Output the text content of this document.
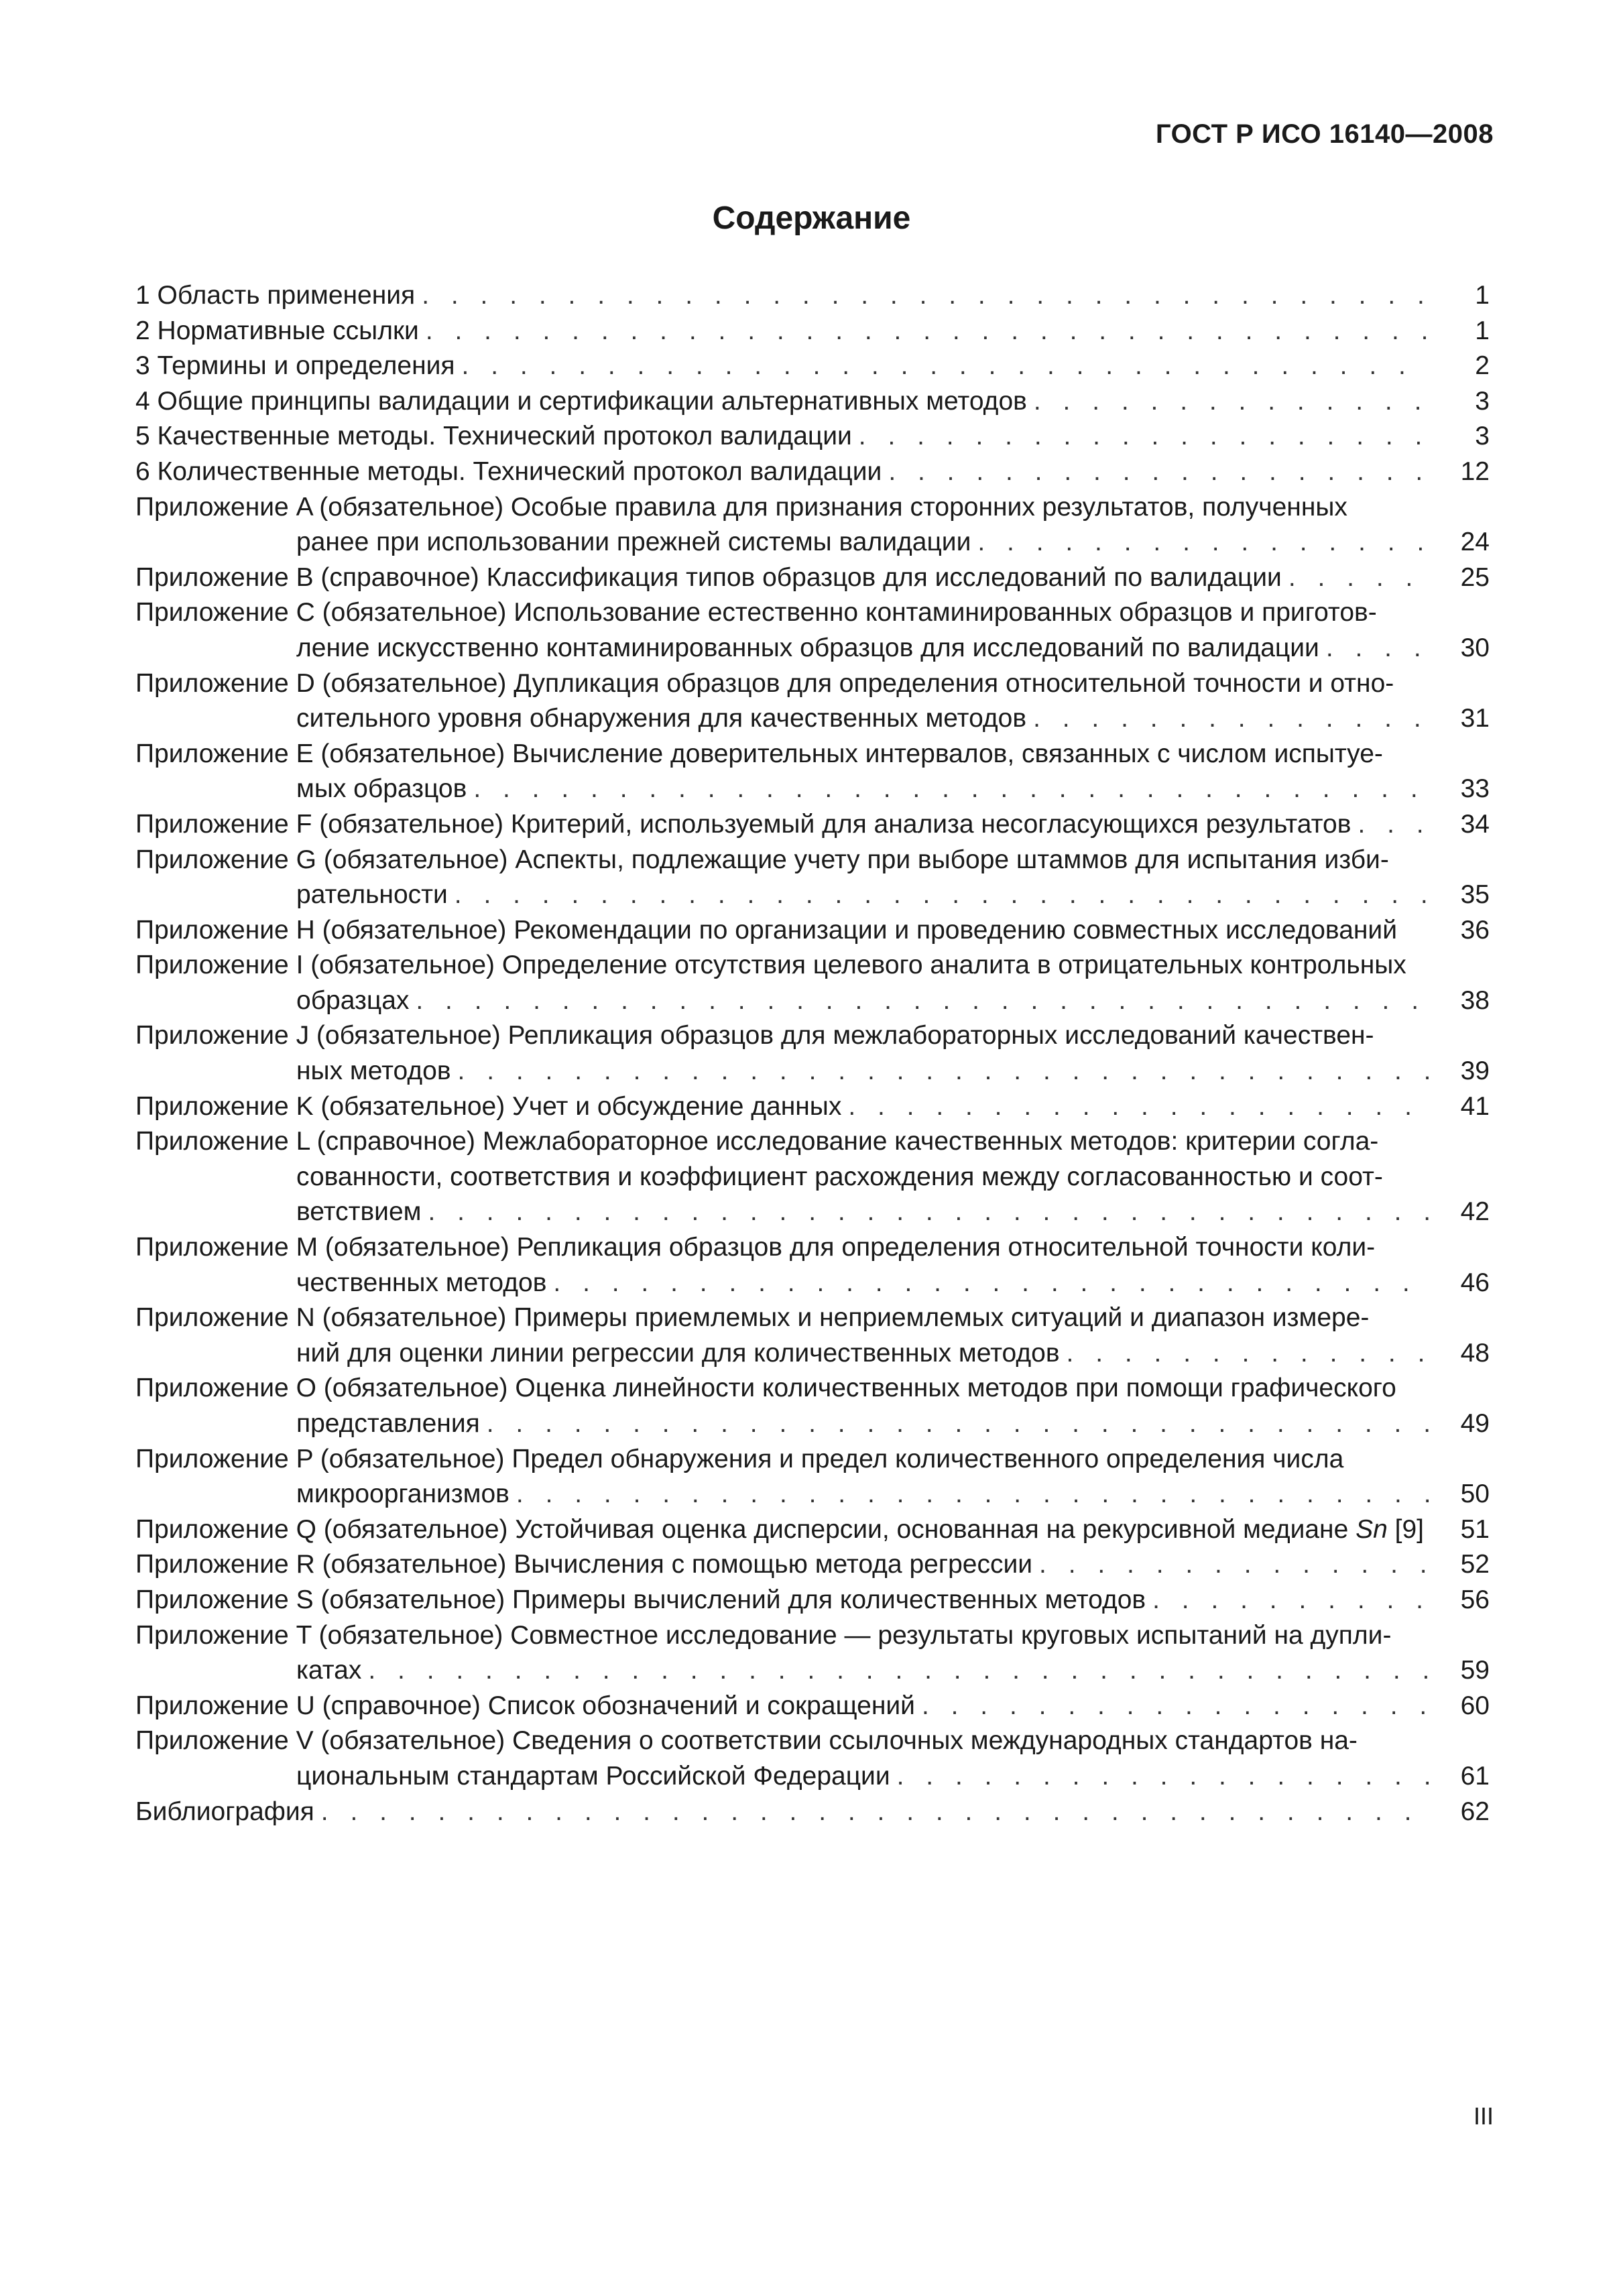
ГОСТ Р ИСО 16140—2008
Содержание
1 Область применения . . .	1
2 Нормативные ссылки . . .	1
3 Термины и определения . . .	2
4 Общие принципы валидации и сертификации альтернативных методов . . .	3
5 Качественные методы. Технический протокол валидации . . .	3
6 Количественные методы. Технический протокол валидации . . .	12
Приложение A (обязательное) Особые правила для признания сторонних результатов, полученных
ранее при использовании прежней системы валидации . . .	24
Приложение B (справочное) Классификация типов образцов для исследований по валидации . . .	25
Приложение C (обязательное) Использование естественно контаминированных образцов и приготов-
ление искусственно контаминированных образцов для исследований по валидации . . .	30
Приложение D (обязательное) Дупликация образцов для определения относительной точности и отно-
сительного уровня обнаружения для качественных методов . . .	31
Приложение E (обязательное) Вычисление доверительных интервалов, связанных с числом испытуе-
мых образцов . . .	33
Приложение F (обязательное) Критерий, используемый для анализа несогласующихся результатов . . .	34
Приложение G (обязательное) Аспекты, подлежащие учету при выборе штаммов для испытания изби-
рательности . . .	35
Приложение H (обязательное) Рекомендации по организации и проведению совместных исследований	36
Приложение I (обязательное) Определение отсутствия целевого аналита в отрицательных контрольных
образцах . . .	38
Приложение J (обязательное) Репликация образцов для межлабораторных исследований качествен-
ных методов . . .	39
Приложение K (обязательное) Учет и обсуждение данных . . .	41
Приложение L (справочное) Межлабораторное исследование качественных методов: критерии согла-
сованности, соответствия и коэффициент расхождения между согласованностью и соот-
ветствием . . .	42
Приложение M (обязательное) Репликация образцов для определения относительной точности коли-
чественных методов . . .	46
Приложение N (обязательное) Примеры приемлемых и неприемлемых ситуаций и диапазон измере-
ний для оценки линии регрессии для количественных методов . . .	48
Приложение O (обязательное) Оценка линейности количественных методов при помощи графического
представления . . .	49
Приложение P (обязательное) Предел обнаружения и предел количественного определения числа
микроорганизмов . . .	50
Приложение Q (обязательное) Устойчивая оценка дисперсии, основанная на рекурсивной медиане Sn [9]	51
Приложение R (обязательное) Вычисления с помощью метода регрессии . . .	52
Приложение S (обязательное) Примеры вычислений для количественных методов . . .	56
Приложение T (обязательное) Совместное исследование — результаты круговых испытаний на дупли-
катах . . .	59
Приложение U (справочное) Список обозначений и сокращений . . .	60
Приложение V (обязательное) Сведения о соответствии ссылочных международных стандартов на-
циональным стандартам Российской Федерации . . .	61
Библиография . . .	62
III
